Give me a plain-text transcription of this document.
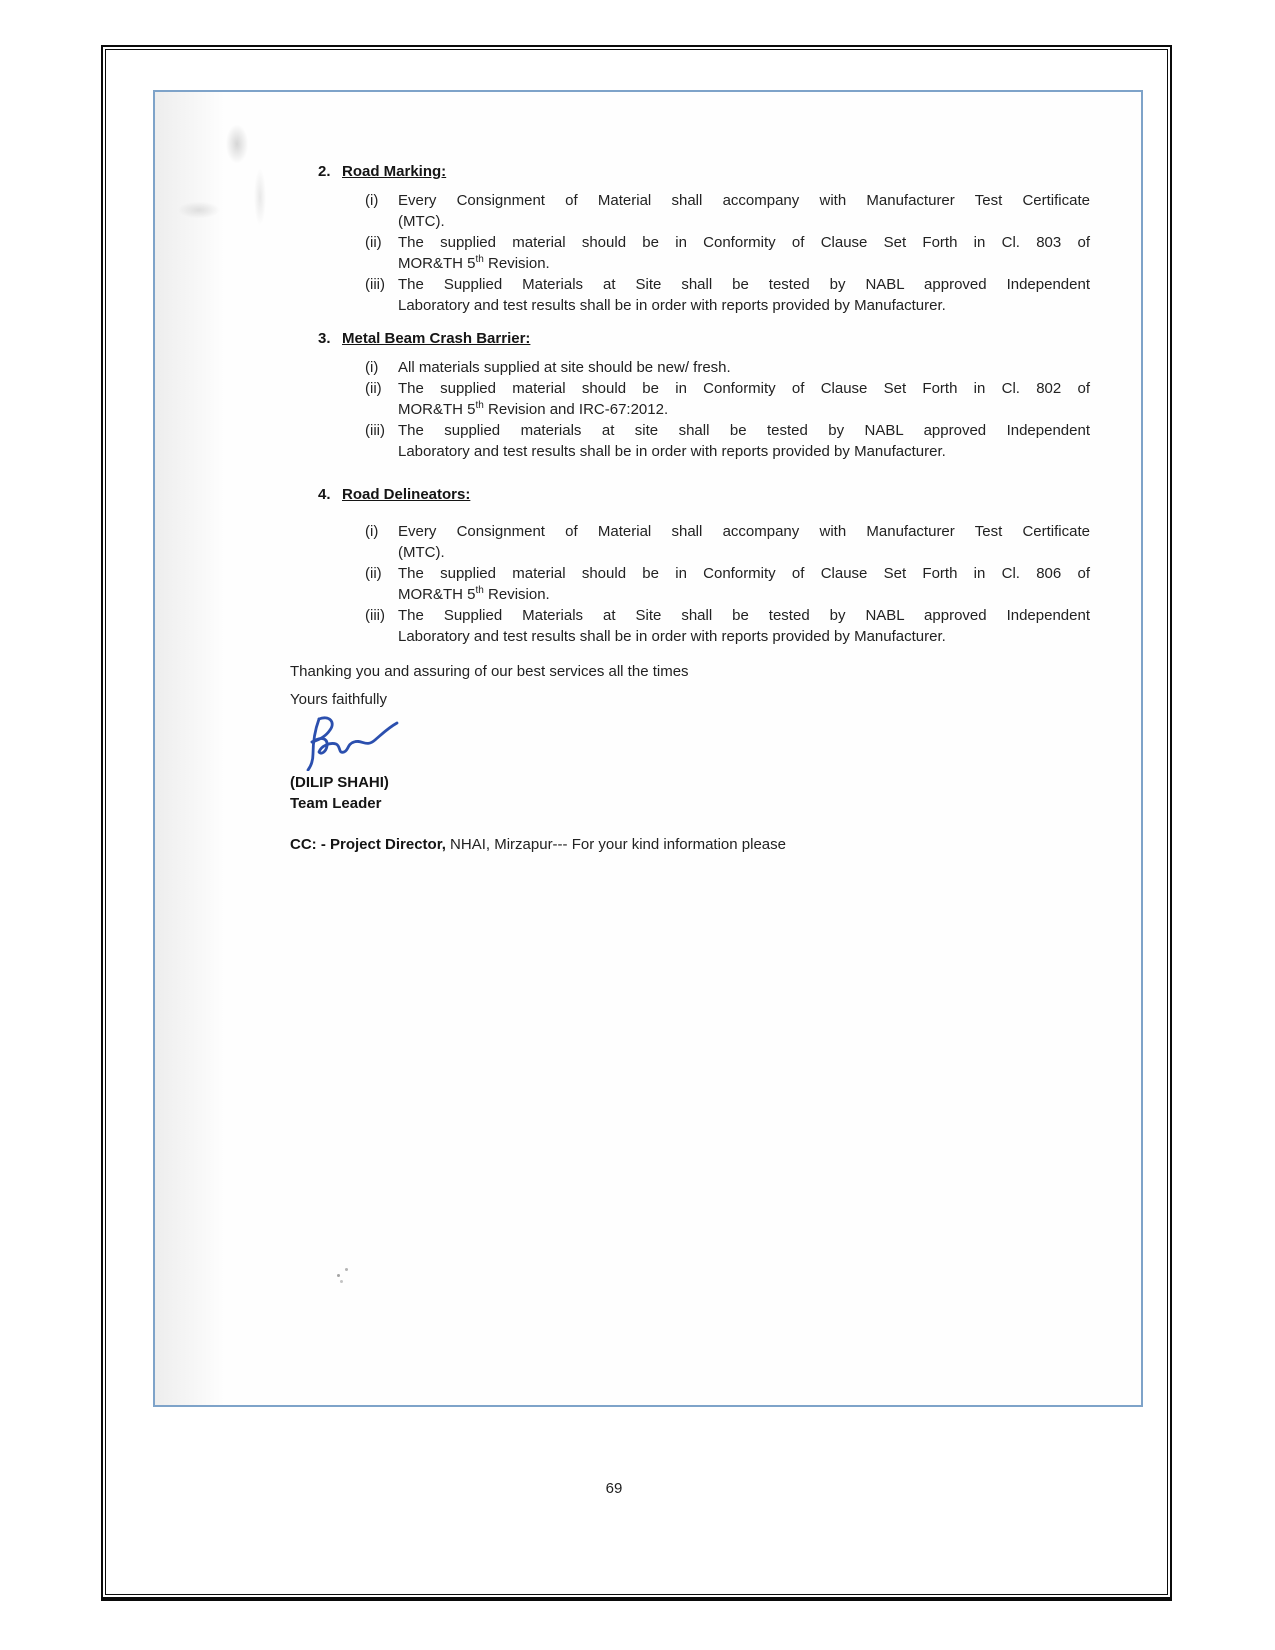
2. Road Marking:
(i)	Every Consignment of Material shall accompany with Manufacturer Test Certificate
(MTC).
(ii)	The supplied material should be in Conformity of Clause Set Forth in Cl. 803 of
MOR&TH 5th Revision.
(iii) The Supplied Materials at Site shall be tested by NABL approved Independent
Laboratory and test results shall be in order with reports provided by Manufacturer.
3. Metal Beam Crash Barrier:
(i)	All materials supplied at site should be new/ fresh.
(ii)	The supplied material should be in Conformity of Clause Set Forth in Cl. 802 of
MOR&TH 5th Revision and IRC-67:2012.
(iii) The supplied materials at site shall be tested by NABL approved Independent
Laboratory and test results shall be in order with reports provided by Manufacturer.
4. Road Delineators:
(i)	Every Consignment of Material shall accompany with Manufacturer Test Certificate
(MTC).
(ii)	The supplied material should be in Conformity of Clause Set Forth in Cl. 806 of
MOR&TH 5th Revision.
(iii) The Supplied Materials at Site shall be tested by NABL approved Independent
Laboratory and test results shall be in order with reports provided by Manufacturer.
Thanking you and assuring of our best services all the times
Yours faithfully
(DILIP SHAHI)
Team Leader
CC: - Project Director, NHAI, Mirzapur--- For your kind information please
69
